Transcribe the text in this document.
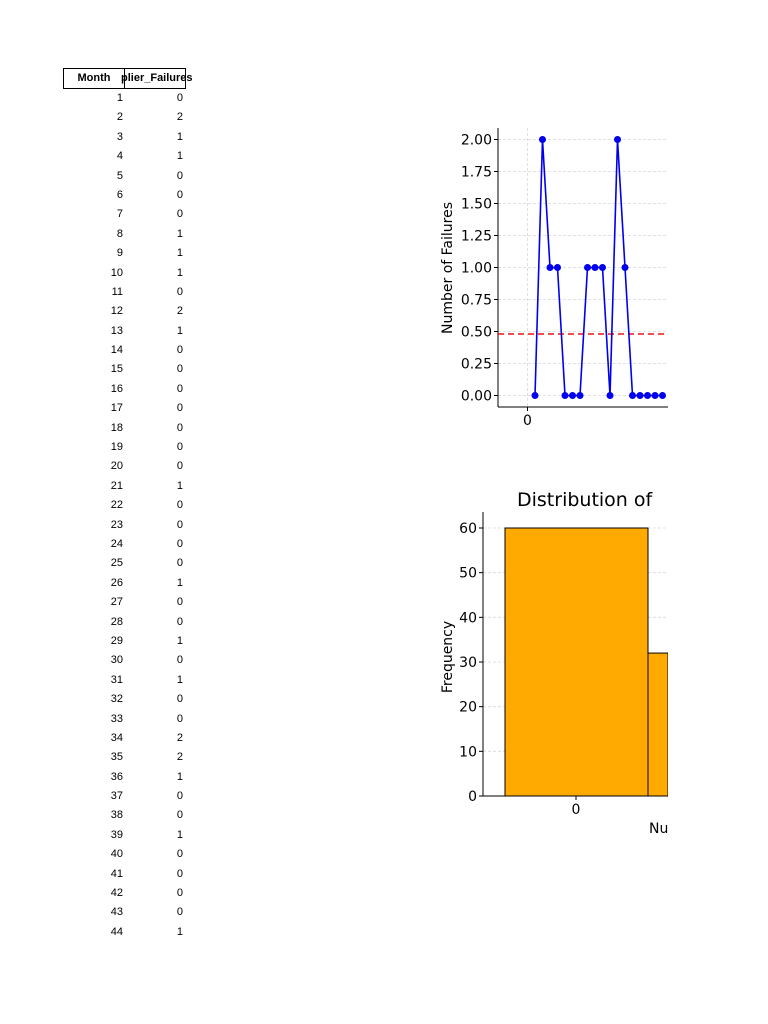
Month plier_Failures
1	0
2	2
3	1
4	1
5	0
6	0
7	0
8	1
9	1
10	1
11	0
12	2
13	1
14	0
15	0
16	0
17	0
18	0
19	0
20	0
21	1
22	0
23	0
24	0
25	0
26	1
27	0
28	0
29	1
30	0
31	1
32	0
33	0
34	2
35	2
36	1
37	0
38	0
39	1
40	0
41	0
42	0
43	0
44	1
0.00
0.25
0.50
0.75
1.00
1.25
1.50
1.75
2.00
0
Number of Failures
0
10
20
30
40
50
60
0
Distribution of
Frequency
Nu
